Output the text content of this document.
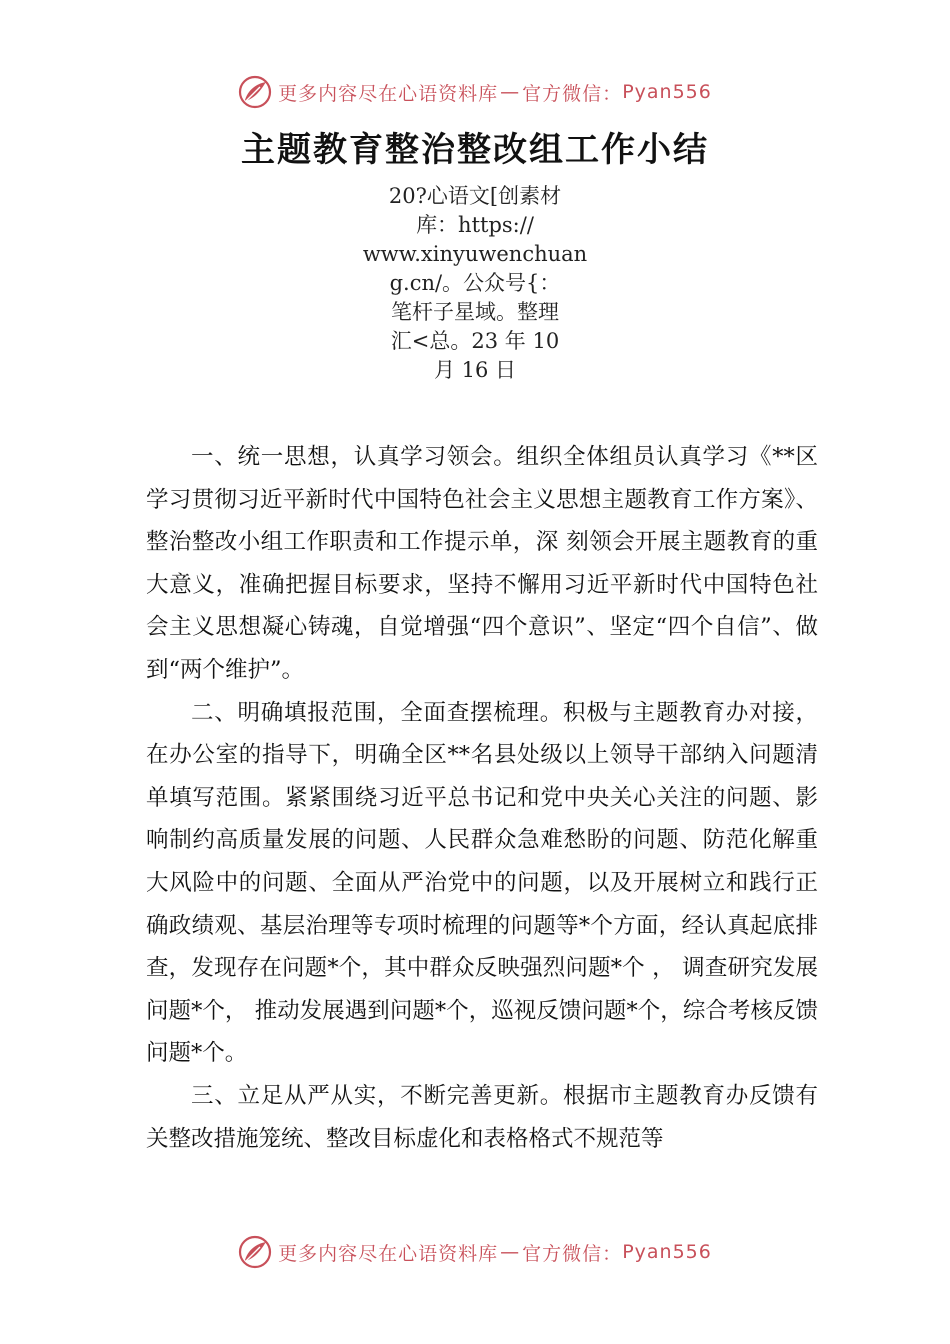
更多内容尽在心语资料库 — 官方微信： Pyan556
主题教育整治整改组工作小结
20?心语文[创素材
库：https://
www.xinyuwenchuan
g.cn/。公众号{：
笔杆子星域。整理
汇<总。23 年 10
月 16 日

一、统一思想，认真学习领会。组织全体组员认真学习《**区学习贯彻习近平新时代中国特色社会主义思想主题教育工作方案》、整治整改小组工作职责和工作提示单，深 刻领会开展主题教育的重大意义，准确把握目标要求，坚持不懈用习近平新时代中国特色社会主义思想凝心铸魂，自觉增强“四个意识”、坚定“四个自信”、做到“两个维护”。

二、明确填报范围，全面查摆梳理。积极与主题教育办对接，在办公室的指导下，明确全区**名县处级以上领导干部纳入问题清单填写范围。紧紧围绕习近平总书记和党中央关心关注的问题、影响制约高质量发展的问题、人民群众急难愁盼的问题、防范化解重大风险中的问题、全面从严治党中的问题，以及开展树立和践行正确政绩观、基层治理等专项时梳理的问题等*个方面，经认真起底排查，发现存在问题*个，其中群众反映强烈问题*个 ， 调查研究发展问题*个， 推动发展遇到问题*个，巡视反馈问题*个，综合考核反馈问题*个。

三、立足从严从实，不断完善更新。根据市主题教育办反馈有关整改措施笼统、整改目标虚化和表格格式不规范等

更多内容尽在心语资料库 — 官方微信： Pyan556
